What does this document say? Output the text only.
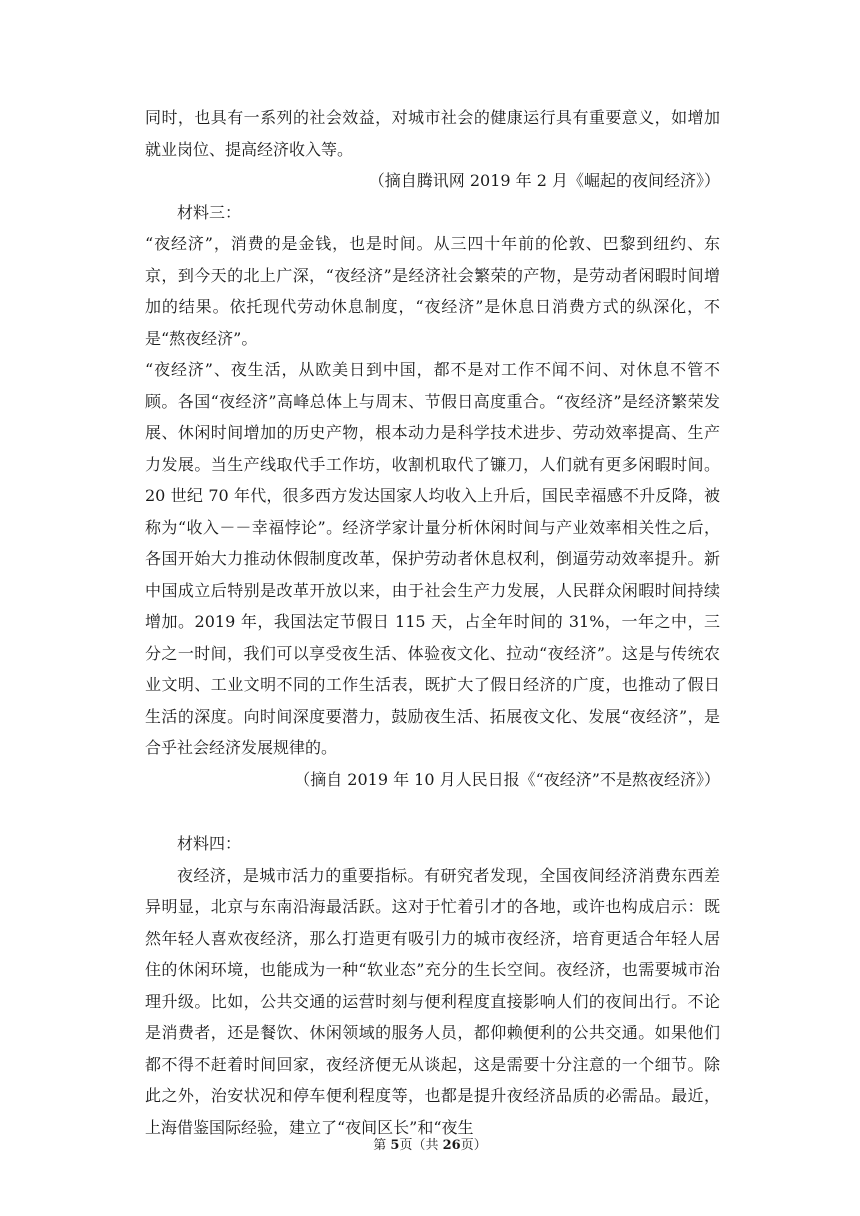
同时，也具有一系列的社会效益，对城市社会的健康运行具有重要意义，如增加就业岗位、提高经济收入等。

（摘自腾讯网 2019 年 2 月《崛起的夜间经济》）

材料三：

“夜经济”，消费的是金钱，也是时间。从三四十年前的伦敦、巴黎到纽约、东京，到今天的北上广深，“夜经济”是经济社会繁荣的产物，是劳动者闲暇时间增加的结果。依托现代劳动休息制度，“夜经济”是休息日消费方式的纵深化，不是“熬夜经济”。

“夜经济”、夜生活，从欧美日到中国，都不是对工作不闻不问、对休息不管不顾。各国“夜经济”高峰总体上与周末、节假日高度重合。“夜经济”是经济繁荣发展、休闲时间增加的历史产物，根本动力是科学技术进步、劳动效率提高、生产力发展。当生产线取代手工作坊，收割机取代了镰刀，人们就有更多闲暇时间。20 世纪 70 年代，很多西方发达国家人均收入上升后，国民幸福感不升反降，被称为“收入－－幸福悖论”。经济学家计量分析休闲时间与产业效率相关性之后，各国开始大力推动休假制度改革，保护劳动者休息权利，倒逼劳动效率提升。新中国成立后特别是改革开放以来，由于社会生产力发展，人民群众闲暇时间持续增加。2019 年，我国法定节假日 115 天，占全年时间的 31%，一年之中，三分之一时间，我们可以享受夜生活、体验夜文化、拉动“夜经济”。这是与传统农业文明、工业文明不同的工作生活表，既扩大了假日经济的广度，也推动了假日生活的深度。向时间深度要潜力，鼓励夜生活、拓展夜文化、发展“夜经济”，是合乎社会经济发展规律的。

（摘自 2019 年 10 月人民日报《“夜经济”不是熬夜经济》）

材料四：

夜经济，是城市活力的重要指标。有研究者发现，全国夜间经济消费东西差异明显，北京与东南沿海最活跃。这对于忙着引才的各地，或许也构成启示：既然年轻人喜欢夜经济，那么打造更有吸引力的城市夜经济，培育更适合年轻人居住的休闲环境，也能成为一种“软业态”充分的生长空间。夜经济，也需要城市治理升级。比如，公共交通的运营时刻与便利程度直接影响人们的夜间出行。不论是消费者，还是餐饮、休闲领域的服务人员，都仰赖便利的公共交通。如果他们都不得不赶着时间回家，夜经济便无从谈起，这是需要十分注意的一个细节。除此之外，治安状况和停车便利程度等，也都是提升夜经济品质的必需品。最近，上海借鉴国际经验，建立了“夜间区长”和“夜生

第 5页（共 26页）
